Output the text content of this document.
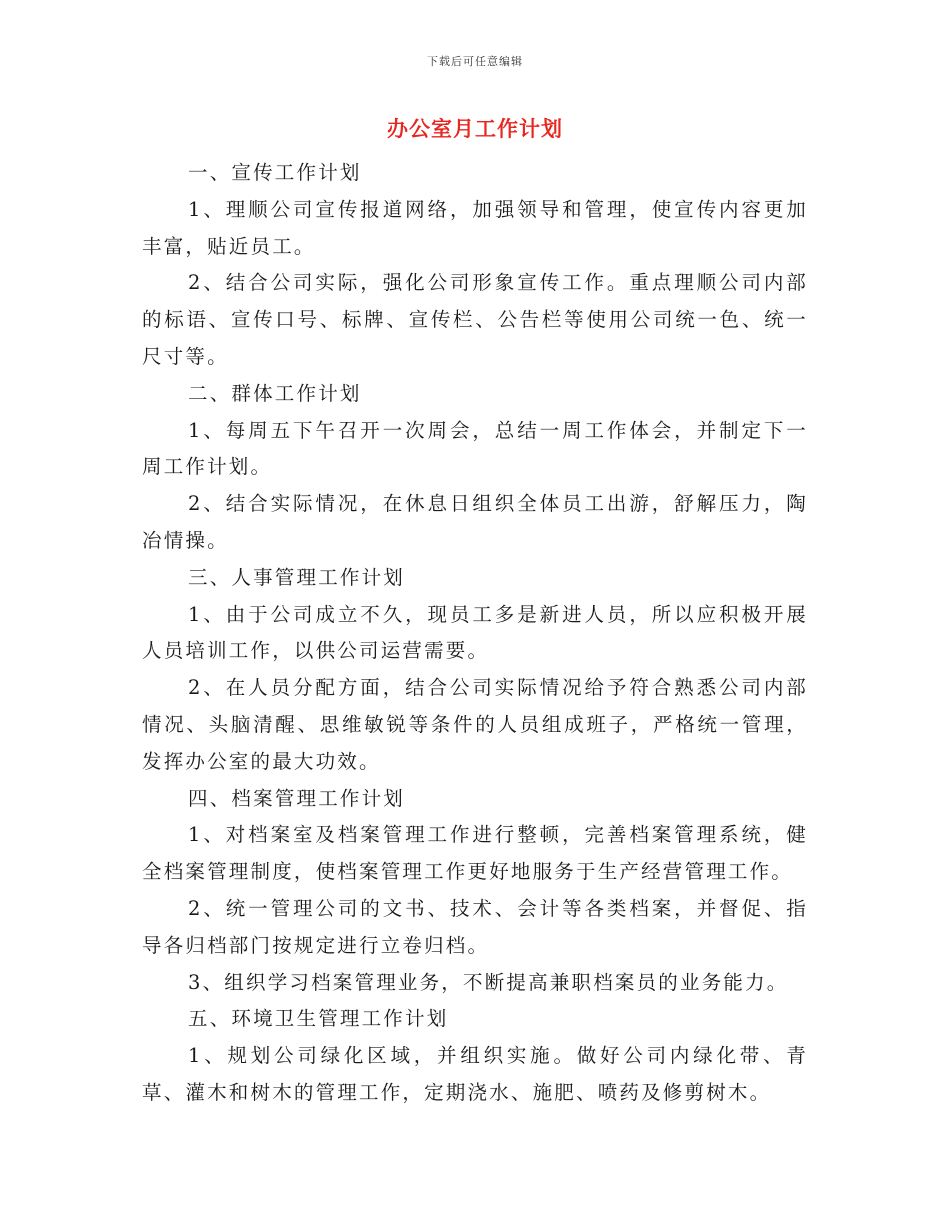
下载后可任意编辑
办公室月工作计划

一、宣传工作计划

1、理顺公司宣传报道网络，加强领导和管理，使宣传内容更加丰富，贴近员工。

2、结合公司实际，强化公司形象宣传工作。重点理顺公司内部的标语、宣传口号、标牌、宣传栏、公告栏等使用公司统一色、统一尺寸等。

二、群体工作计划

1、每周五下午召开一次周会，总结一周工作体会，并制定下一周工作计划。

2、结合实际情况，在休息日组织全体员工出游，舒解压力，陶冶情操。

三、人事管理工作计划

1、由于公司成立不久，现员工多是新进人员，所以应积极开展人员培训工作，以供公司运营需要。

2、在人员分配方面，结合公司实际情况给予符合熟悉公司内部情况、头脑清醒、思维敏锐等条件的人员组成班子，严格统一管理，发挥办公室的最大功效。

四、档案管理工作计划

1、对档案室及档案管理工作进行整顿，完善档案管理系统，健全档案管理制度，使档案管理工作更好地服务于生产经营管理工作。

2、统一管理公司的文书、技术、会计等各类档案，并督促、指导各归档部门按规定进行立卷归档。

3、组织学习档案管理业务，不断提高兼职档案员的业务能力。

五、环境卫生管理工作计划

1、规划公司绿化区域，并组织实施。做好公司内绿化带、青草、灌木和树木的管理工作，定期浇水、施肥、喷药及修剪树木。
